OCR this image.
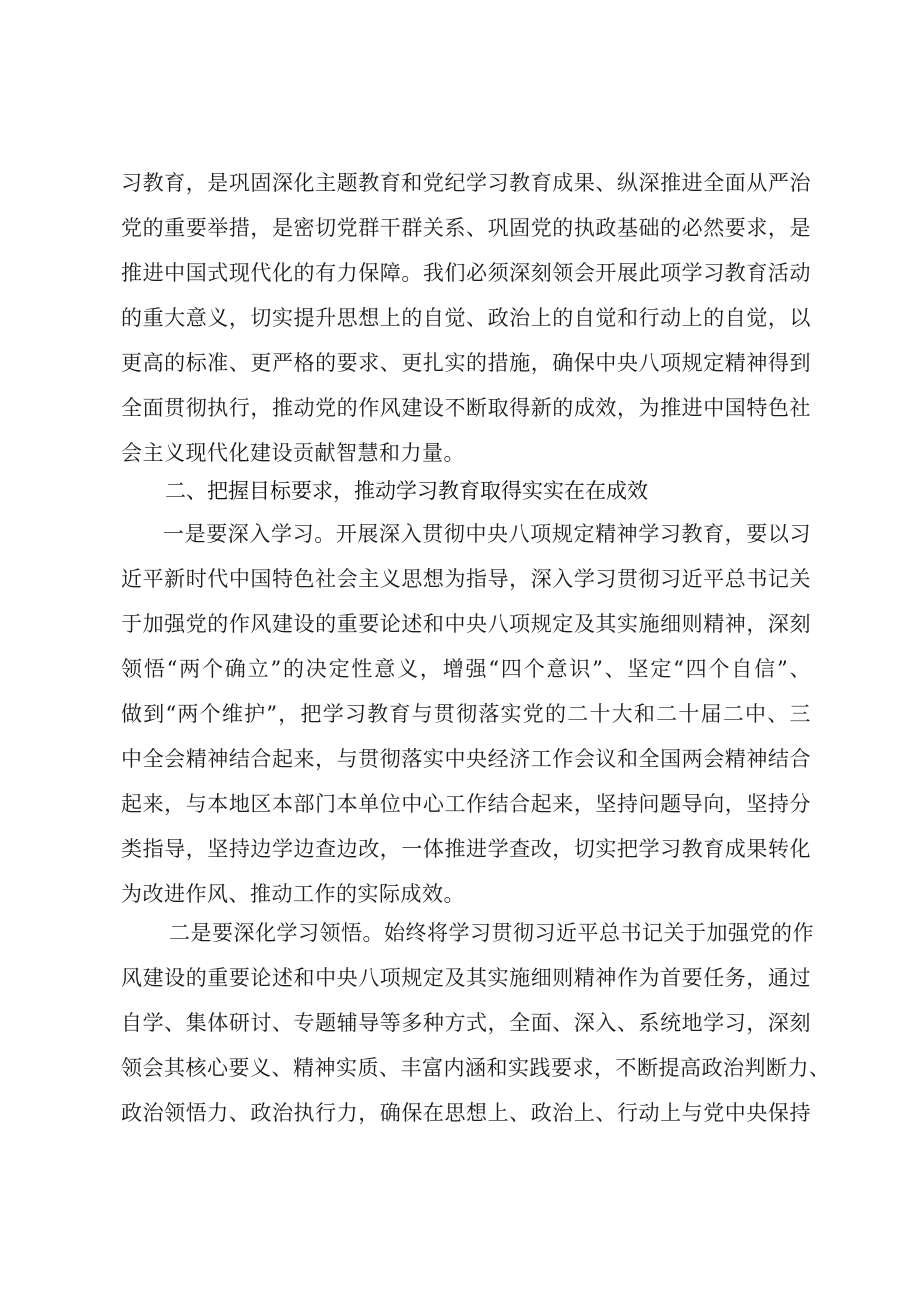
习教育，是巩固深化主题教育和党纪学习教育成果、纵深推进全面从严治
党的重要举措，是密切党群干群关系、巩固党的执政基础的必然要求，是
推进中国式现代化的有力保障。我们必须深刻领会开展此项学习教育活动
的重大意义，切实提升思想上的自觉、政治上的自觉和行动上的自觉，以
更高的标准、更严格的要求、更扎实的措施，确保中央八项规定精神得到
全面贯彻执行，推动党的作风建设不断取得新的成效，为推进中国特色社
会主义现代化建设贡献智慧和力量。
二、把握目标要求，推动学习教育取得实实在在成效
一是要深入学习。开展深入贯彻中央八项规定精神学习教育，要以习
近平新时代中国特色社会主义思想为指导，深入学习贯彻习近平总书记关
于加强党的作风建设的重要论述和中央八项规定及其实施细则精神，深刻
领悟“两个确立”的决定性意义，增强“四个意识”、坚定“四个自信”、
做到“两个维护”，把学习教育与贯彻落实党的二十大和二十届二中、三
中全会精神结合起来，与贯彻落实中央经济工作会议和全国两会精神结合
起来，与本地区本部门本单位中心工作结合起来，坚持问题导向，坚持分
类指导，坚持边学边查边改，一体推进学查改，切实把学习教育成果转化
为改进作风、推动工作的实际成效。
二是要深化学习领悟。始终将学习贯彻习近平总书记关于加强党的作
风建设的重要论述和中央八项规定及其实施细则精神作为首要任务，通过
自学、集体研讨、专题辅导等多种方式，全面、深入、系统地学习，深刻
领会其核心要义、精神实质、丰富内涵和实践要求，不断提高政治判断力、
政治领悟力、政治执行力，确保在思想上、政治上、行动上与党中央保持
